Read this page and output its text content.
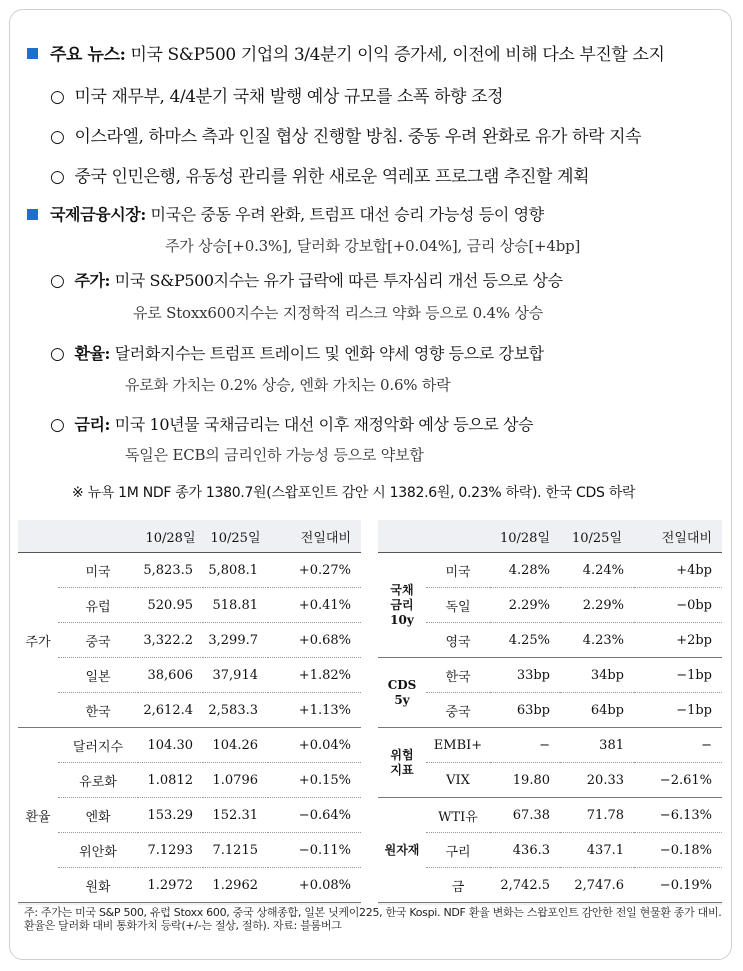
주요 뉴스: 미국 S&P500 기업의 3/4분기 이익 증가세, 이전에 비해 다소 부진할 소지
○ 미국 재무부, 4/4분기 국채 발행 예상 규모를 소폭 하향 조정
○ 이스라엘, 하마스 측과 인질 협상 진행할 방침. 중동 우려 완화로 유가 하락 지속
○ 중국 인민은행, 유동성 관리를 위한 새로운 역레포 프로그램 추진할 계획
국제금융시장: 미국은 중동 우려 완화, 트럼프 대선 승리 가능성 등이 영향
주가 상승[+0.3%], 달러화 강보합[+0.04%], 금리 상승[+4bp]
○ 주가: 미국 S&P500지수는 유가 급락에 따른 투자심리 개선 등으로 상승
유로 Stoxx600지수는 지정학적 리스크 약화 등으로 0.4% 상승
○ 환율: 달러화지수는 트럼프 트레이드 및 엔화 약세 영향 등으로 강보합
유로화 가치는 0.2% 상승, 엔화 가치는 0.6% 하락
○ 금리: 미국 10년물 국채금리는 대선 이후 재정악화 예상 등으로 상승
독일은 ECB의 금리인하 가능성 등으로 약보합
※ 뉴욕 1M NDF 종가 1380.7원(스왑포인트 감안 시 1382.6원, 0.23% 하락). 한국 CDS 하락
		10/28일	10/25일	전일대비
주가	미국	5,823.5	5,808.1	+0.27%
	유럽	520.95	518.81	+0.41%
	중국	3,322.2	3,299.7	+0.68%
	일본	38,606	37,914	+1.82%
	한국	2,612.4	2,583.3	+1.13%
환율	달러지수	104.30	104.26	+0.04%
	유로화	1.0812	1.0796	+0.15%
	엔화	153.29	152.31	−0.64%
	위안화	7.1293	7.1215	−0.11%
	원화	1.2972	1.2962	+0.08%
		10/28일	10/25일	전일대비
국채
금리
10y	미국	4.28%	4.24%	+4bp
	독일	2.29%	2.29%	−0bp
	영국	4.25%	4.23%	+2bp
CDS
5y	한국	33bp	34bp	−1bp
	중국	63bp	64bp	−1bp
위험
지표	EMBI+	−	381	−
	VIX	19.80	20.33	−2.61%
원자재	WTI유	67.38	71.78	−6.13%
	구리	436.3	437.1	−0.18%
	금	2,742.5	2,747.6	−0.19%
주: 주가는 미국 S&P 500, 유럽 Stoxx 600, 중국 상해종합, 일본 닛케이225, 한국 Kospi. NDF 환율 변화는 스왑포인트 감안한 전일 현물환 종가 대비. 환율은 달러화 대비 통화가치 등락(+/-는 절상, 절하). 자료: 블룸버그
